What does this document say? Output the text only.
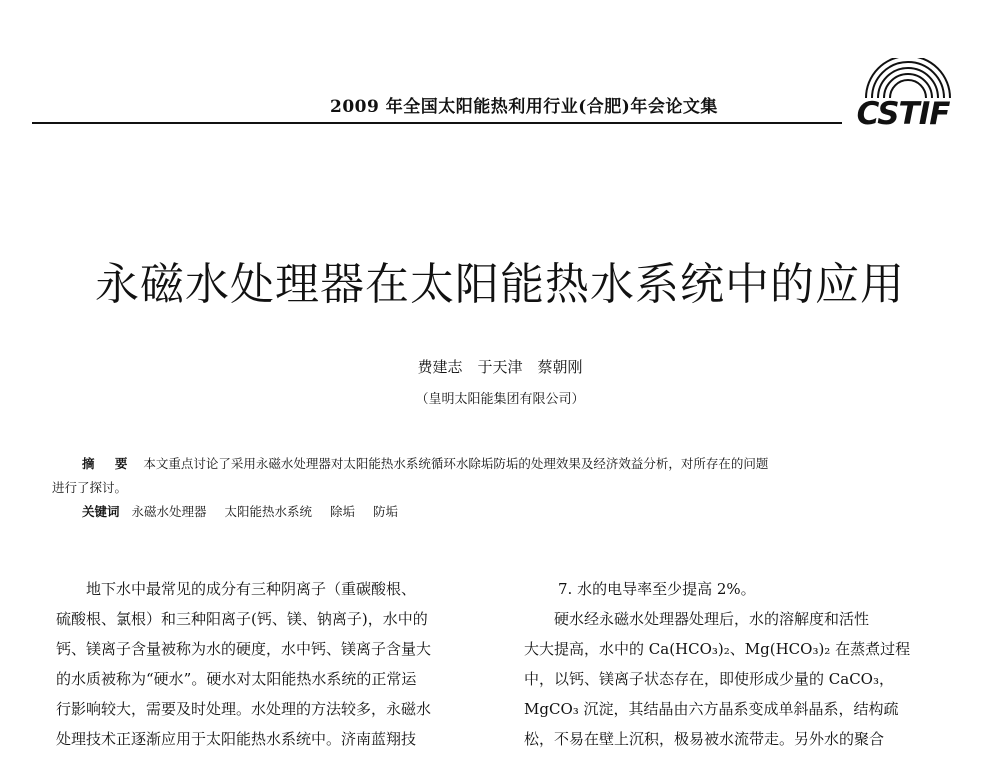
2009 年全国太阳能热利用行业(合肥)年会论文集	CSTIF
永磁水处理器在太阳能热水系统中的应用
费建志　于天津　蔡朝刚
（皇明太阳能集团有限公司）
摘 要 本文重点讨论了采用永磁水处理器对太阳能热水系统循环水除垢防垢的处理效果及经济效益分析，对所存在的问题
进行了探讨。
关键词 永磁水处理器 太阳能热水系统 除垢 防垢

地下水中最常见的成分有三种阴离子（重碳酸根、

硫酸根、氯根）和三种阳离子(钙、镁、钠离子)，水中的

钙、镁离子含量被称为水的硬度，水中钙、镁离子含量大

的水质被称为“硬水”。硬水对太阳能热水系统的正常运

行影响较大，需要及时处理。水处理的方法较多，永磁水

处理技术正逐渐应用于太阳能热水系统中。济南蓝翔技

7. 水的电导率至少提高 2%。

硬水经永磁水处理器处理后，水的溶解度和活性

大大提高，水中的 Ca(HCO₃)₂、Mg(HCO₃)₂ 在蒸煮过程

中，以钙、镁离子状态存在，即使形成少量的 CaCO₃，

MgCO₃ 沉淀，其结晶由六方晶系变成单斜晶系，结构疏

松，不易在壁上沉积，极易被水流带走。另外水的聚合
